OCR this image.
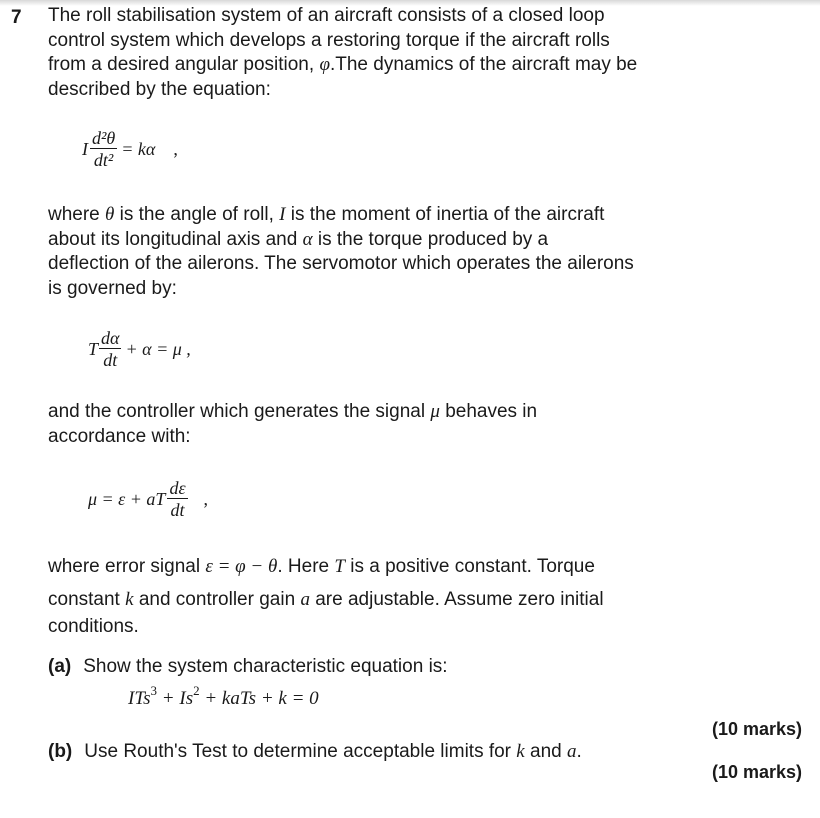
7 The roll stabilisation system of an aircraft consists of a closed loop
control system which develops a restoring torque if the aircraft rolls
from a desired angular position, φ.The dynamics of the aircraft may be
described by the equation:
I $\frac{\text{d²θ}}{\text{dt²}} = k\alpha$ ,
where θ is the angle of roll, I is the moment of inertia of the aircraft
about its longitudinal axis and α is the torque produced by a
deflection of the ailerons. The servomotor which operates the ailerons
is governed by:
T $\frac{d\alpha}{dt} + \alpha = \mu$ ,
and the controller which generates the signal μ behaves in
accordance with:
μ = ε + aT $\frac{d\varepsilon}{dt}$ ,
where error signal ε = φ − θ. Here T is a positive constant. Torque
constant k and controller gain a are adjustable. Assume zero initial
conditions.
(a) Show the system characteristic equation is:
$ITs^3 + Is^2$ + kaTs + k = 0
(10 marks)
(b) Use Routh's Test to determine acceptable limits for k and a.
(10 marks)
